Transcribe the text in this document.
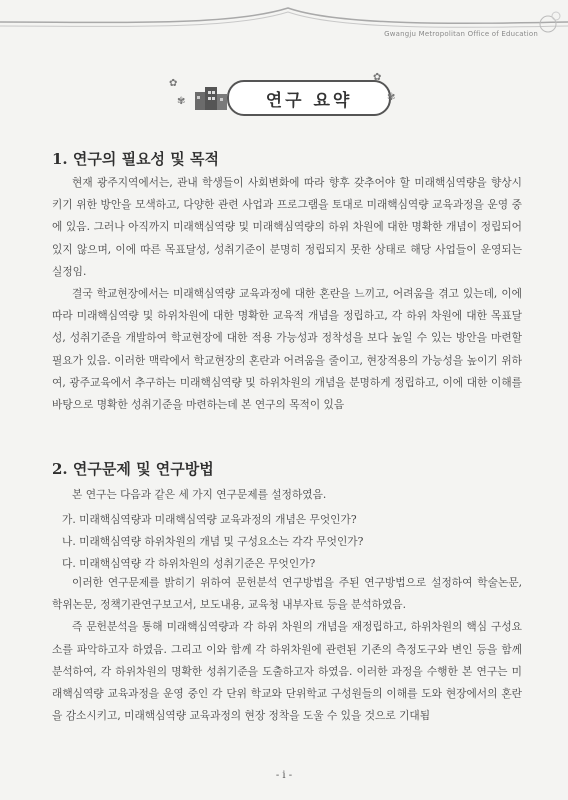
Gwangju Metropolitan Office of Education
✿
✾	연구 요약
✿
✾
1. 연구의 필요성 및 목적

현재 광주지역에서는, 관내 학생들이 사회변화에 따라 향후 갖추어야 할 미래핵심역량을 향상시키기 위한 방안을 모색하고, 다양한 관련 사업과 프로그램을 토대로 미래핵심역량 교육과정을 운영 중에 있음. 그러나 아직까지 미래핵심역량 및 미래핵심역량의 하위 차원에 대한 명확한 개념이 정립되어 있지 않으며, 이에 따른 목표달성, 성취기준이 분명히 정립되지 못한 상태로 해당 사업들이 운영되는 실정임.

결국 학교현장에서는 미래핵심역량 교육과정에 대한 혼란을 느끼고, 어려움을 겪고 있는데, 이에 따라 미래핵심역량 및 하위차원에 대한 명확한 교육적 개념을 정립하고, 각 하위 차원에 대한 목표달성, 성취기준을 개발하여 학교현장에 대한 적용 가능성과 정착성을 보다 높일 수 있는 방안을 마련할 필요가 있음. 이러한 맥락에서 학교현장의 혼란과 어려움을 줄이고, 현장적용의 가능성을 높이기 위하여, 광주교육에서 추구하는 미래핵심역량 및 하위차원의 개념을 분명하게 정립하고, 이에 대한 이해를 바탕으로 명확한 성취기준을 마련하는데 본 연구의 목적이 있음

2. 연구문제 및 연구방법

본 연구는 다음과 같은 세 가지 연구문제를 설정하였음.

가. 미래핵심역량과 미래핵심역량 교육과정의 개념은 무엇인가?
나. 미래핵심역량 하위차원의 개념 및 구성요소는 각각 무엇인가?
다. 미래핵심역량 각 하위차원의 성취기준은 무엇인가?

이러한 연구문제를 밝히기 위하여 문헌분석 연구방법을 주된 연구방법으로 설정하여 학술논문, 학위논문, 정책기관연구보고서, 보도내용, 교육청 내부자료 등을 분석하였음.

즉 문헌분석을 통해 미래핵심역량과 각 하위 차원의 개념을 재정립하고, 하위차원의 핵심 구성요소를 파악하고자 하였음. 그리고 이와 함께 각 하위차원에 관련된 기존의 측정도구와 변인 등을 함께 분석하여, 각 하위차원의 명확한 성취기준을 도출하고자 하였음. 이러한 과정을 수행한 본 연구는 미래핵심역량 교육과정을 운영 중인 각 단위 학교와 단위학교 구성원들의 이해를 도와 현장에서의 혼란을 감소시키고, 미래핵심역량 교육과정의 현장 정착을 도울 수 있을 것으로 기대됨

- i -
